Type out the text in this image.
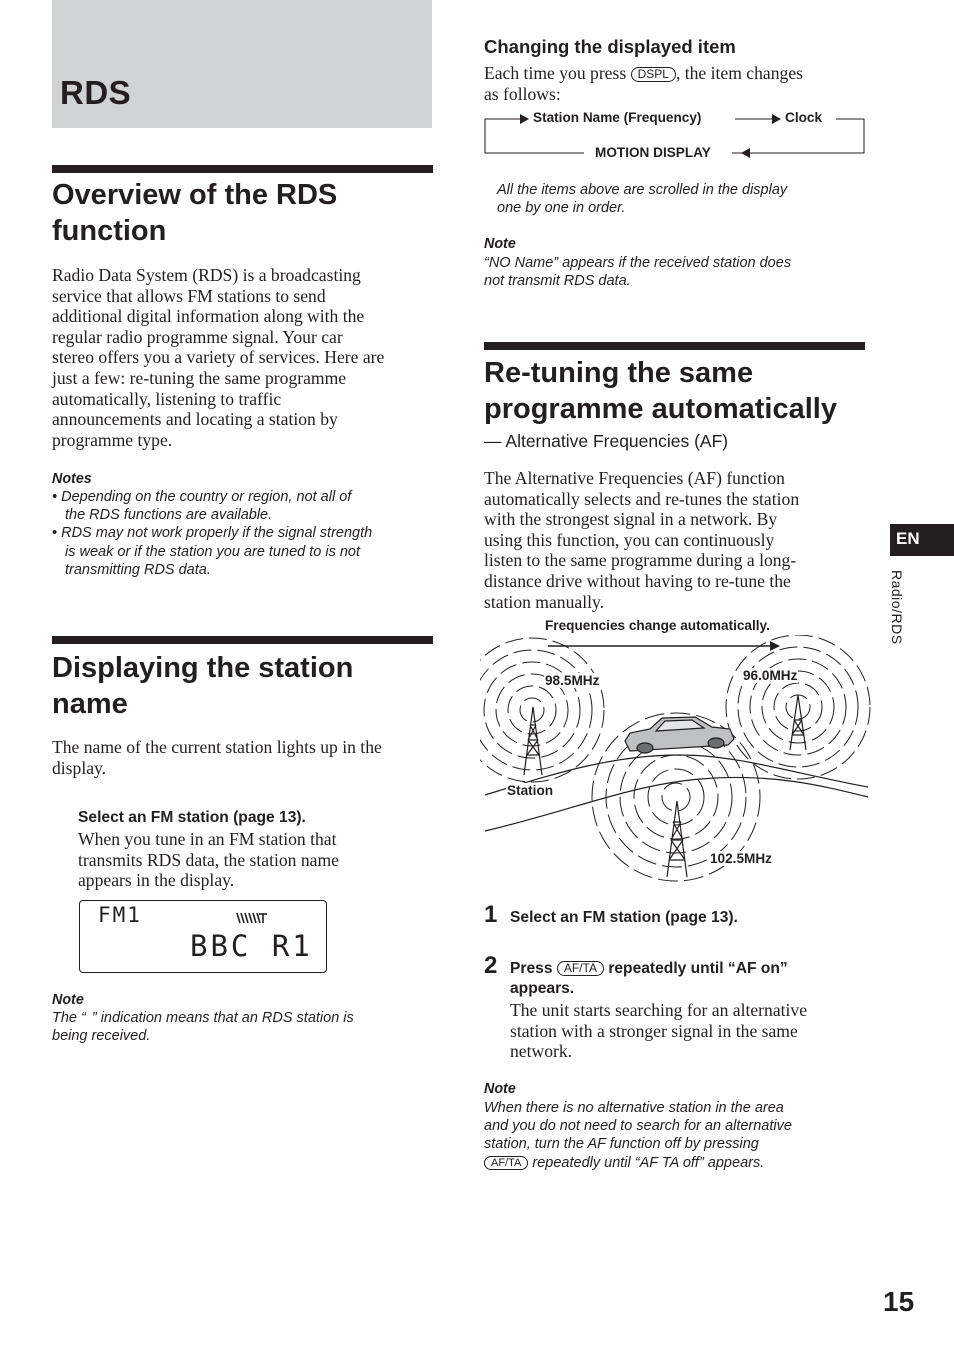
RDS
Overview of the RDS
function
Radio Data System (RDS) is a broadcasting
service that allows FM stations to send
additional digital information along with the
regular radio programme signal. Your car
stereo offers you a variety of services. Here are
just a few: re-tuning the same programme
automatically, listening to traffic
announcements and locating a station by
programme type.
Notes
• Depending on the country or region, not all of
the RDS functions are available.
• RDS may not work properly if the signal strength
is weak or if the station you are tuned to is not
transmitting RDS data.
Displaying the station
name
The name of the current station lights up in the
display.
Select an FM station (page 13).
When you tune in an FM station that
transmits RDS data, the station name
appears in the display.
FM1
BBC R1
Note
The “ ” indication means that an RDS station is
being received.
Changing the displayed item
Each time you press DSPL , the item changes
as follows:
Station Name (Frequency)	Clock
MOTION DISPLAY
All the items above are scrolled in the display
one by one in order.
Note
“NO Name” appears if the received station does
not transmit RDS data.
Re-tuning the same
programme automatically
— Alternative Frequencies (AF)
The Alternative Frequencies (AF) function
automatically selects and re-tunes the station
with the strongest signal in a network. By
using this function, you can continuously
listen to the same programme during a long-
distance drive without having to re-tune the
station manually.
Frequencies change automatically.
98.5MHz	96.0MHz
Station
102.5MHz
1 Select an FM station (page 13).
2 Press AF/TA repeatedly until “AF on”
appears.
The unit starts searching for an alternative
station with a stronger signal in the same
network.
Note
When there is no alternative station in the area
and you do not need to search for an alternative
station, turn the AF function off by pressing
AF/TA repeatedly until “AF TA off” appears.
EN
Radio/RDS
15
